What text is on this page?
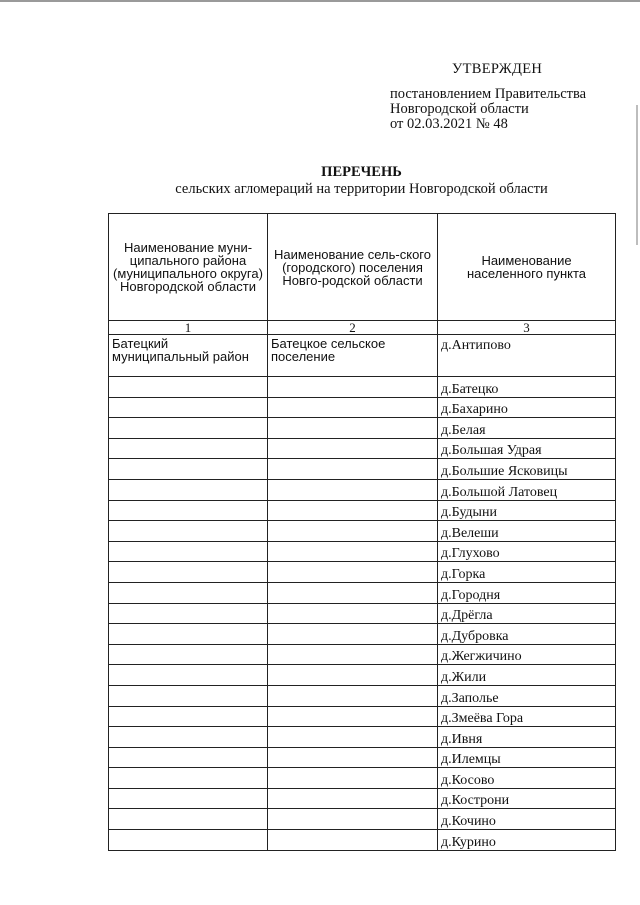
УТВЕРЖДЕН
постановлением Правительства
Новгородской области
от 02.03.2021 № 48
ПЕРЕЧЕНЬ
сельских агломераций на территории Новгородской области
Наименование муни-ципального района (муниципального округа) Новгородской области	Наименование сель-ского (городского) поселения Новго-родской области	Наименование населенного пункта
1	2	3
Батецкий муниципальный район	Батецкое сельское поселение	д.Антипово
		д.Батецко
		д.Бахарино
		д.Белая
		д.Большая Удрая
		д.Большие Ясковицы
		д.Большой Латовец
		д.Будыни
		д.Велеши
		д.Глухово
		д.Горка
		д.Городня
		д.Дрёгла
		д.Дубровка
		д.Жегжичино
		д.Жили
		д.Заполье
		д.Змеёва Гора
		д.Ивня
		д.Илемцы
		д.Косово
		д.Кострони
		д.Кочино
		д.Курино
